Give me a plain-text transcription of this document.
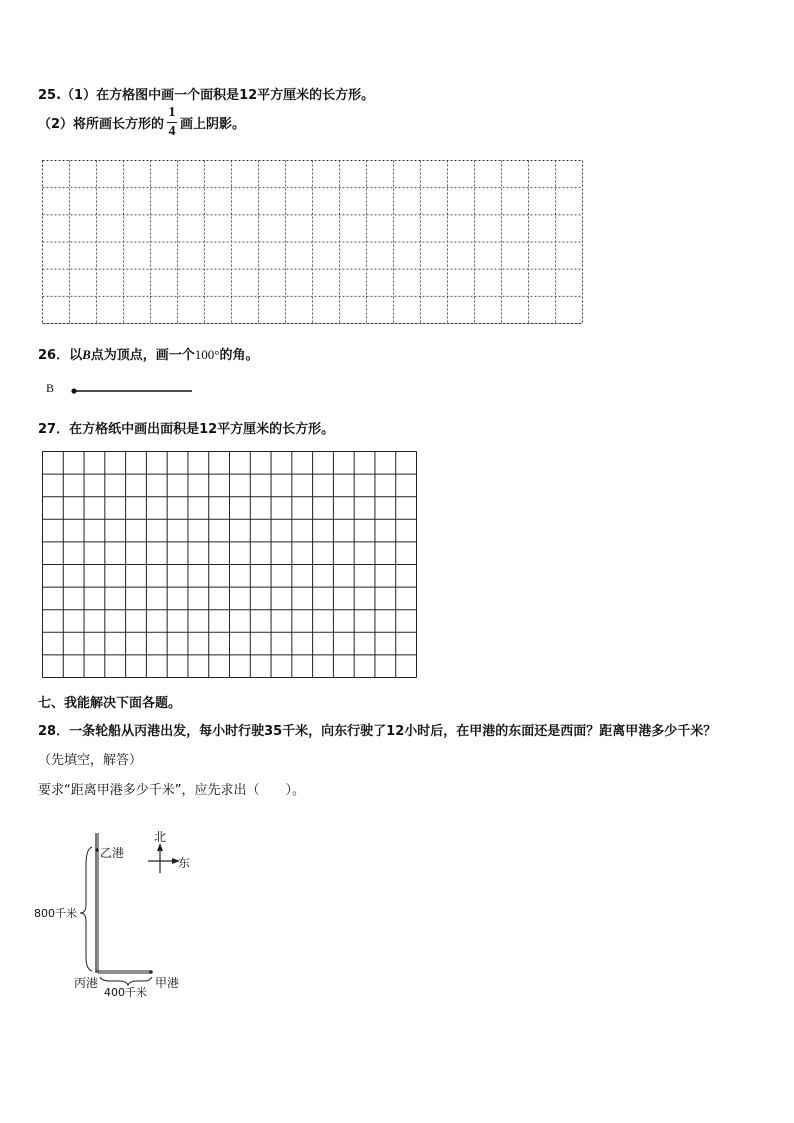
25.（1）在方格图中画一个面积是12平方厘米的长方形。
（2）将所画长方形的 $\frac{1}{4}$ 画上阴影。
26．以B点为顶点，画一个100°的角。
B
27．在方格纸中画出面积是12平方厘米的长方形。
七、我能解决下面各题。
28．一条轮船从丙港出发，每小时行驶35千米，向东行驶了12小时后，在甲港的东面还是西面？距离甲港多少千米？
（先填空，解答）
要求“距离甲港多少千米”，应先求出（　　）。
乙港
北
东
800千米
丙港	甲港
400千米
